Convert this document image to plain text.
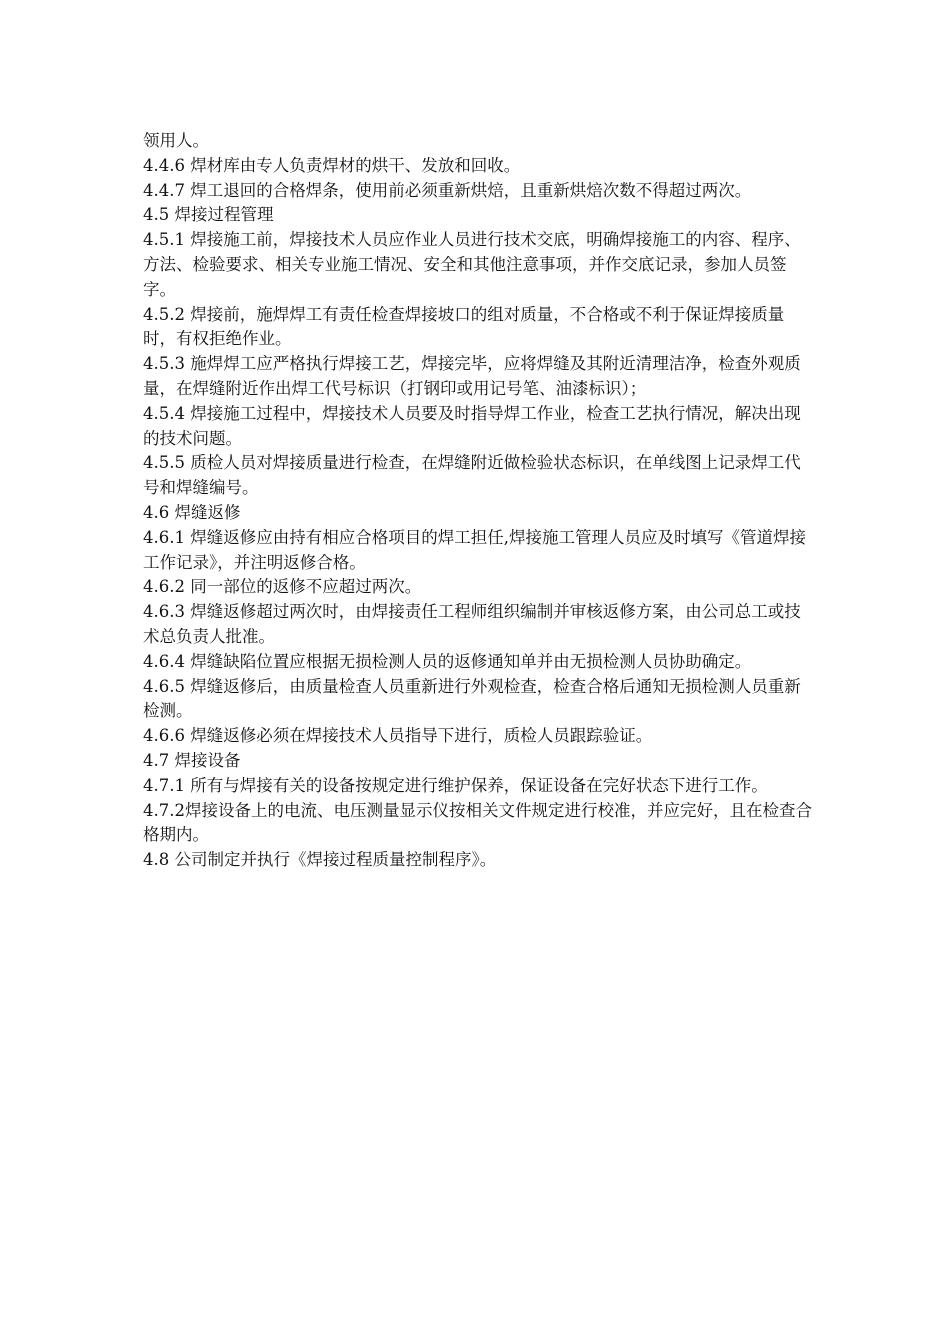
领用人。

4.4.6 焊材库由专人负责焊材的烘干、发放和回收。

4.4.7 焊工退回的合格焊条，使用前必须重新烘焙，且重新烘焙次数不得超过两次。

4.5 焊接过程管理

4.5.1 焊接施工前，焊接技术人员应作业人员进行技术交底，明确焊接施工的内容、程序、方法、检验要求、相关专业施工情况、安全和其他注意事项，并作交底记录，参加人员签字。

4.5.2 焊接前，施焊焊工有责任检查焊接坡口的组对质量，不合格或不利于保证焊接质量时，有权拒绝作业。

4.5.3 施焊焊工应严格执行焊接工艺，焊接完毕，应将焊缝及其附近清理洁净，检查外观质量，在焊缝附近作出焊工代号标识（打钢印或用记号笔、油漆标识）；

4.5.4 焊接施工过程中，焊接技术人员要及时指导焊工作业，检查工艺执行情况，解决出现的技术问题。

4.5.5 质检人员对焊接质量进行检查，在焊缝附近做检验状态标识，在单线图上记录焊工代号和焊缝编号。

4.6 焊缝返修

4.6.1 焊缝返修应由持有相应合格项目的焊工担任,焊接施工管理人员应及时填写《管道焊接工作记录》，并注明返修合格。

4.6.2 同一部位的返修不应超过两次。

4.6.3 焊缝返修超过两次时，由焊接责任工程师组织编制并审核返修方案，由公司总工或技术总负责人批准。

4.6.4 焊缝缺陷位置应根据无损检测人员的返修通知单并由无损检测人员协助确定。

4.6.5 焊缝返修后，由质量检查人员重新进行外观检查，检查合格后通知无损检测人员重新检测。

4.6.6 焊缝返修必须在焊接技术人员指导下进行，质检人员跟踪验证。

4.7 焊接设备

4.7.1 所有与焊接有关的设备按规定进行维护保养，保证设备在完好状态下进行工作。

4.7.2焊接设备上的电流、电压测量显示仪按相关文件规定进行校准，并应完好，且在检查合格期内。

4.8 公司制定并执行《焊接过程质量控制程序》。
